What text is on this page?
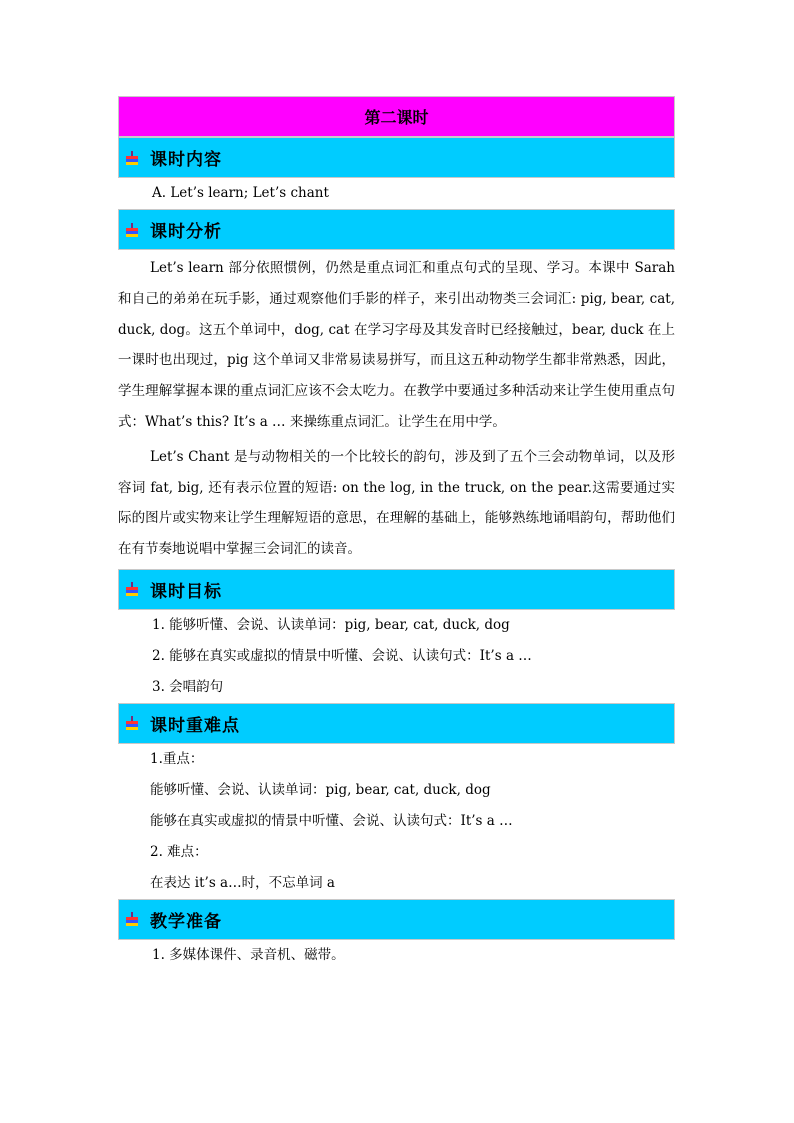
第二课时
课时内容
A. Let’s learn; Let’s chant
课时分析

Let’s learn 部分依照惯例，仍然是重点词汇和重点句式的呈现、学习。本课中 Sarah 和自己的弟弟在玩手影，通过观察他们手影的样子，来引出动物类三会词汇: pig, bear, cat, duck, dog。这五个单词中，dog, cat 在学习字母及其发音时已经接触过，bear, duck 在上一课时也出现过，pig 这个单词又非常易读易拼写，而且这五种动物学生都非常熟悉，因此，学生理解掌握本课的重点词汇应该不会太吃力。在教学中要通过多种活动来让学生使用重点句式：What’s this? It’s a … 来操练重点词汇。让学生在用中学。

Let’s Chant 是与动物相关的一个比较长的韵句，涉及到了五个三会动物单词，以及形容词 fat, big, 还有表示位置的短语: on the log, in the truck, on the pear.这需要通过实际的图片或实物来让学生理解短语的意思，在理解的基础上，能够熟练地诵唱韵句，帮助他们在有节奏地说唱中掌握三会词汇的读音。

课时目标
1. 能够听懂、会说、认读单词：pig, bear, cat, duck, dog
2. 能够在真实或虚拟的情景中听懂、会说、认读句式：It’s a …
3. 会唱韵句
课时重难点
1.重点：
能够听懂、会说、认读单词：pig, bear, cat, duck, dog
能够在真实或虚拟的情景中听懂、会说、认读句式：It’s a …
2. 难点：
在表达 it’s a…时，不忘单词 a
教学准备
1. 多媒体课件、录音机、磁带。
